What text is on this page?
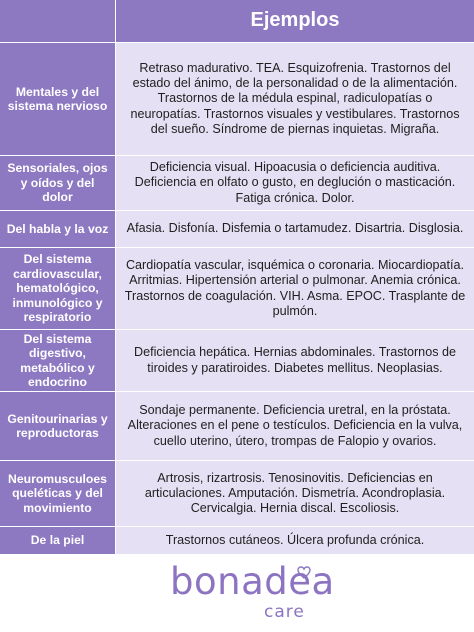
Ejemplos
Mentales y del sistema nervioso
Retraso madurativo. TEA. Esquizofrenia. Trastornos del estado del ánimo, de la personalidad o de la alimentación. Trastornos de la médula espinal, radiculopatías o neuropatías. Trastornos visuales y vestibulares. Trastornos del sueño. Síndrome de piernas inquietas. Migraña.
Sensoriales, ojos y oídos y del dolor
Deficiencia visual. Hipoacusia o deficiencia auditiva. Deficiencia en olfato o gusto, en deglución o masticación. Fatiga crónica. Dolor.
Del habla y la voz	Afasia. Disfonía. Disfemia o tartamudez. Disartria. Disglosia.
Del sistema cardiovascular, hematológico, inmunológico y respiratorio
Cardiopatía vascular, isquémica o coronaria. Miocardiopatía. Arritmias. Hipertensión arterial o pulmonar. Anemia crónica. Trastornos de coagulación. VIH. Asma. EPOC. Trasplante de pulmón.
Del sistema digestivo, metabólico y endocrino
Deficiencia hepática. Hernias abdominales. Trastornos de tiroides y paratiroides. Diabetes mellitus. Neoplasias.
Genitourinarias y reproductoras
Sondaje permanente. Deficiencia uretral, en la próstata. Alteraciones en el pene o testículos. Deficiencia en la vulva, cuello uterino, útero, trompas de Falopio y ovarios.
Neuromusculoes queléticas y del movimiento
Artrosis, rizartrosis. Tenosinovitis. Deficiencias en articulaciones. Amputación. Dismetría. Acondroplasia. Cervicalgia. Hernia discal. Escoliosis.
De la piel	Trastornos cutáneos. Úlcera profunda crónica.
bonadea
care
